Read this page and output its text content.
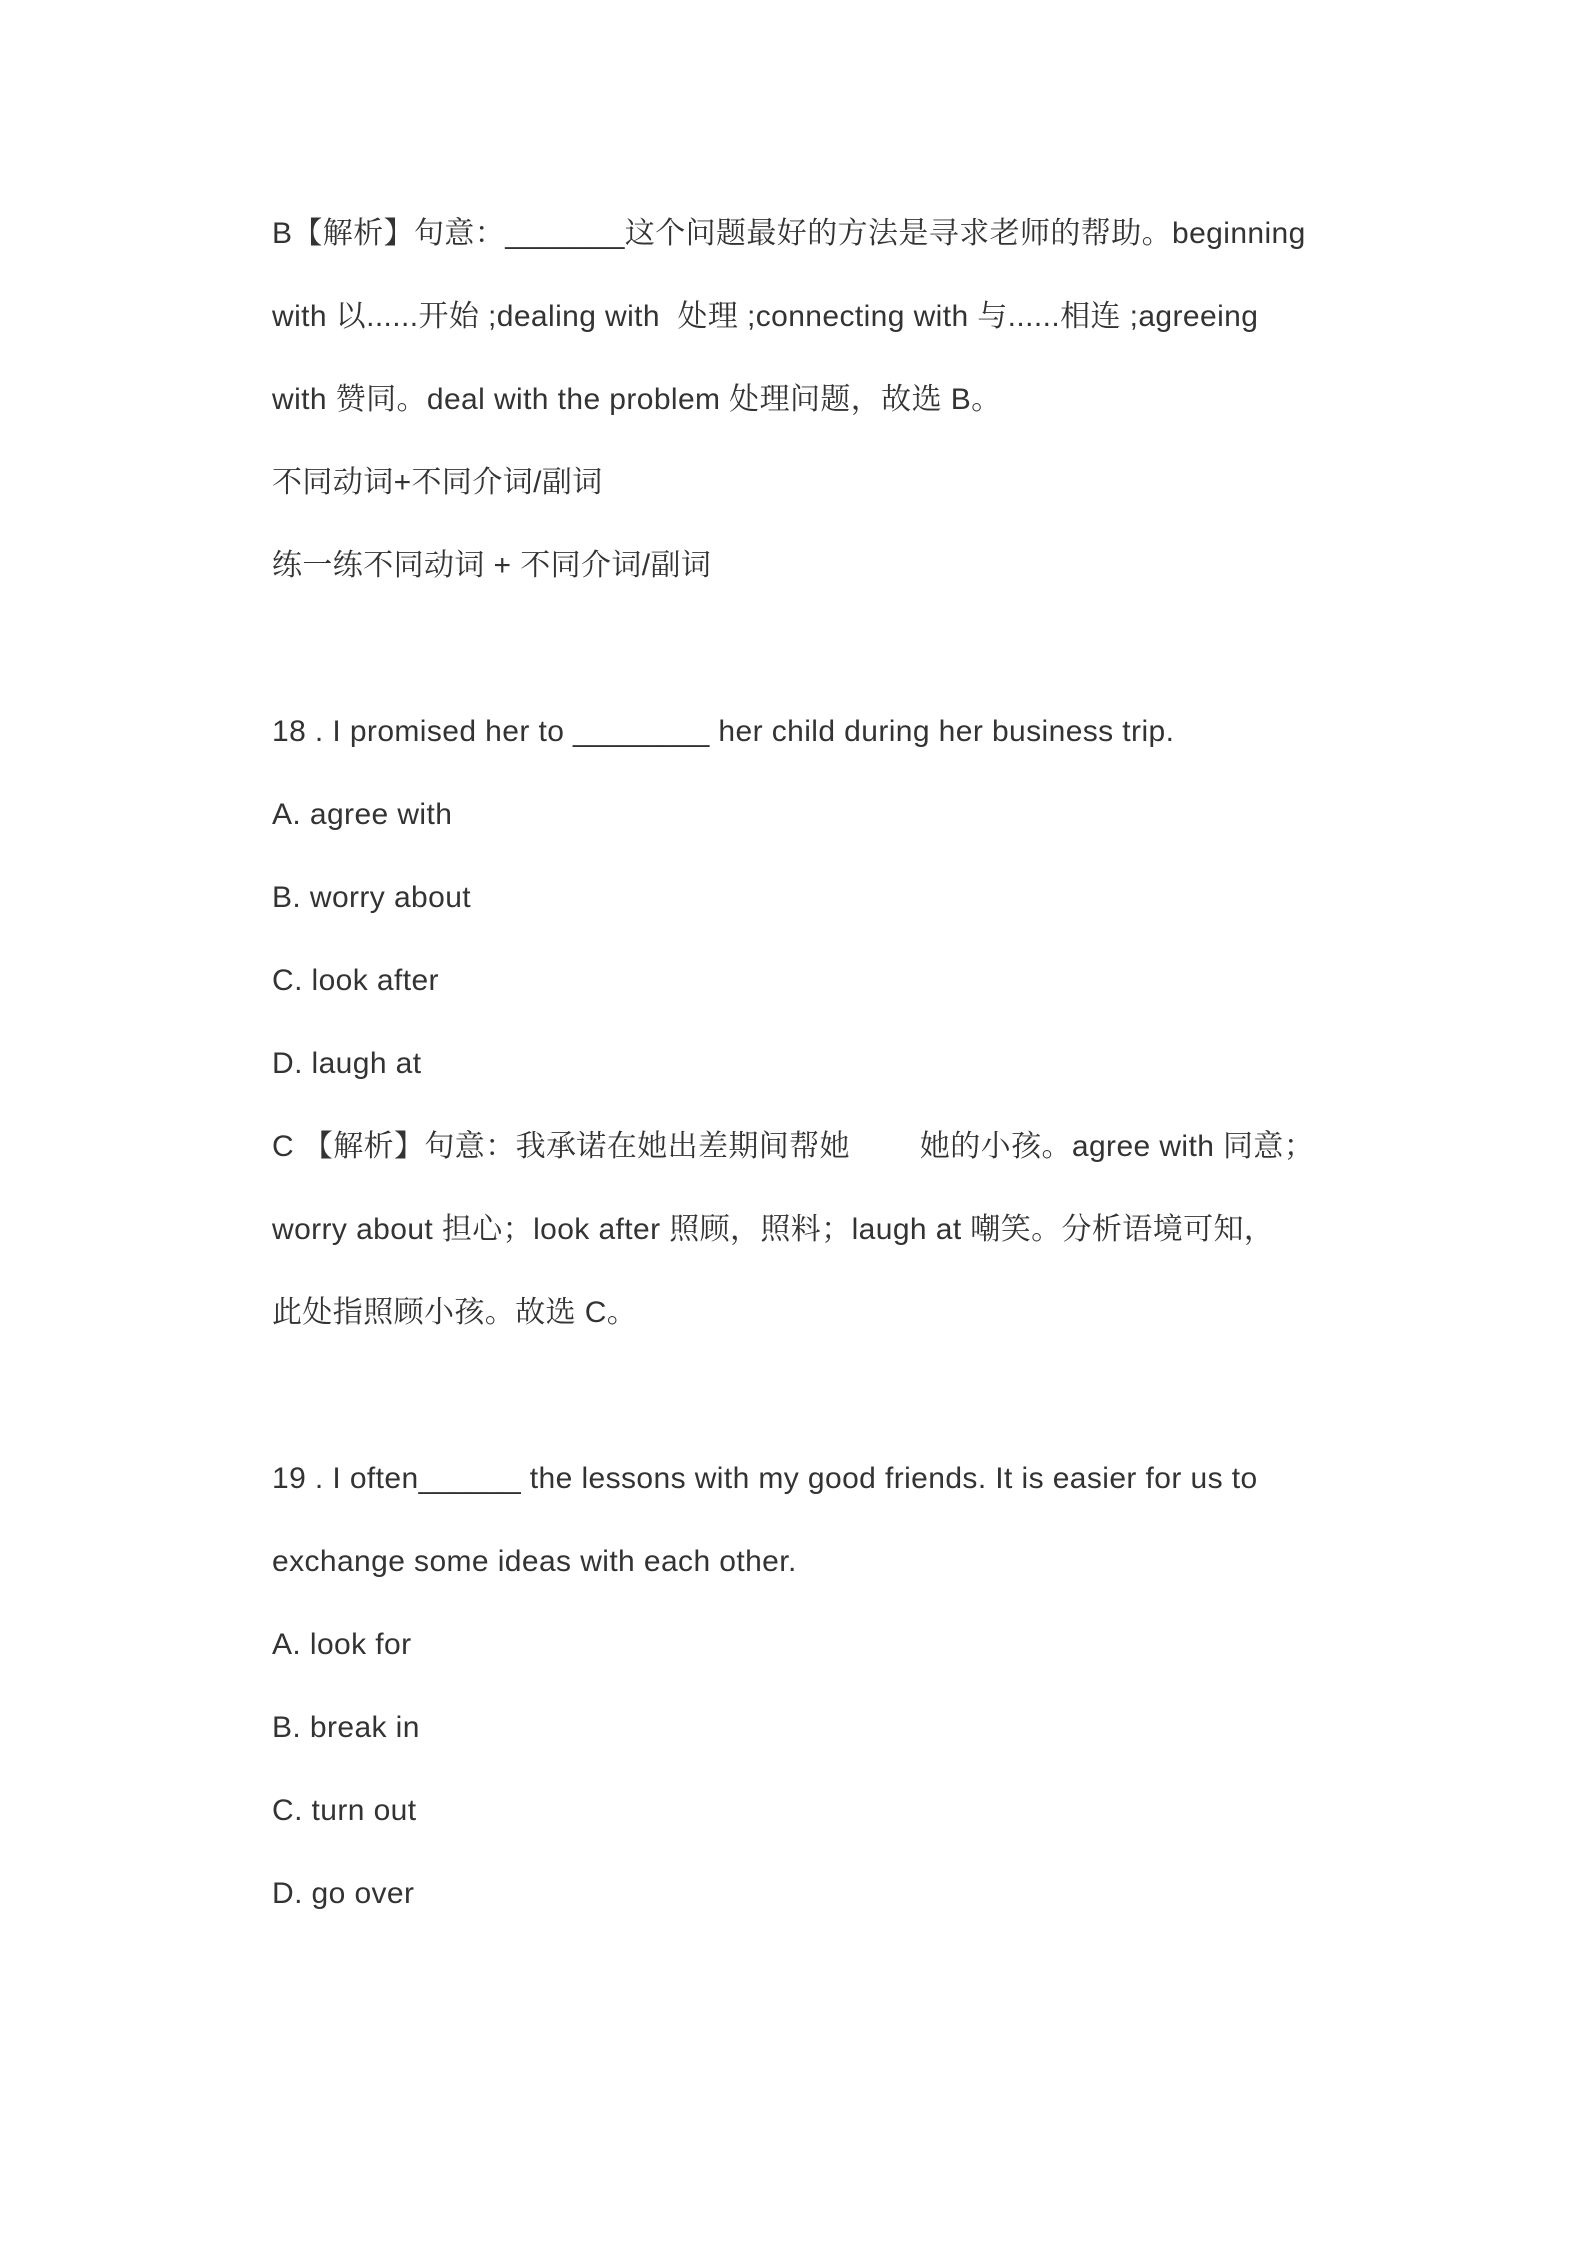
B【解析】句意：_______这个问题最好的方法是寻求老师的帮助。beginning
with 以......开始 ;dealing with  处理 ;connecting with 与......相连 ;agreeing
with 赞同。deal with the problem 处理问题，故选 B。
不同动词+不同介词/副词
练一练不同动词 + 不同介词/副词
18 . I promised her to ________ her child during her business trip.
A. agree with
B. worry about
C. look after
D. laugh at
C 【解析】句意：我承诺在她出差期间帮她        她的小孩。agree with 同意；
worry about 担心；look after 照顾，照料；laugh at 嘲笑。分析语境可知，
此处指照顾小孩。故选 C。
19 . I often______ the lessons with my good friends. It is easier for us to
exchange some ideas with each other.
A. look for
B. break in
C. turn out
D. go over
